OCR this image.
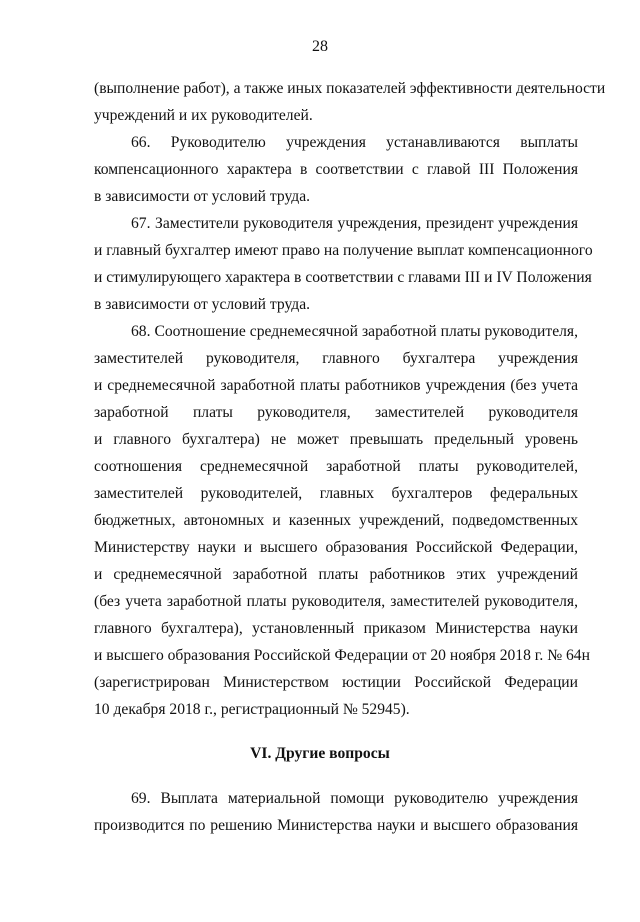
28
(выполнение работ), а также иных показателей эффективности деятельности
учреждений и их руководителей.
66. Руководителю учреждения устанавливаются выплаты
компенсационного характера в соответствии с главой III Положения
в зависимости от условий труда.
67. Заместители руководителя учреждения, президент учреждения
и главный бухгалтер имеют право на получение выплат компенсационного
и стимулирующего характера в соответствии с главами III и IV Положения
в зависимости от условий труда.
68. Соотношение среднемесячной заработной платы руководителя,
заместителей руководителя, главного бухгалтера учреждения
и среднемесячной заработной платы работников учреждения (без учета
заработной платы руководителя, заместителей руководителя
и главного бухгалтера) не может превышать предельный уровень
соотношения среднемесячной заработной платы руководителей,
заместителей руководителей, главных бухгалтеров федеральных
бюджетных, автономных и казенных учреждений, подведомственных
Министерству науки и высшего образования Российской Федерации,
и среднемесячной заработной платы работников этих учреждений
(без учета заработной платы руководителя, заместителей руководителя,
главного бухгалтера), установленный приказом Министерства науки
и высшего образования Российской Федерации от 20 ноября 2018 г. № 64н
(зарегистрирован Министерством юстиции Российской Федерации
10 декабря 2018 г., регистрационный № 52945).
VI. Другие вопросы
69. Выплата материальной помощи руководителю учреждения
производится по решению Министерства науки и высшего образования
